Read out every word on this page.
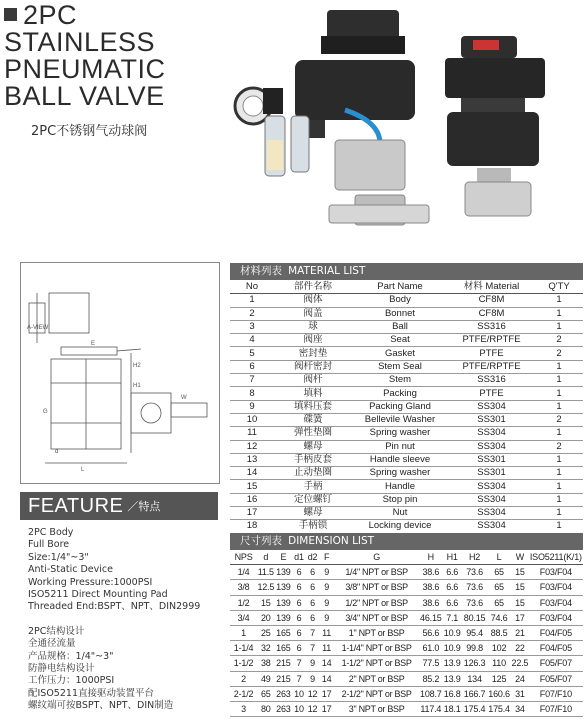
2PC
STAINLESS
PNEUMATIC
BALL VALVE
2PC不锈钢气动球阀
A-VIEW
H1
H2
L
d
G
E
W
FEATURE ／特点
2PC Body
Full Bore
Size:1/4"~3"
Anti-Static Device
Working Pressure:1000PSI
ISO5211 Direct Mounting Pad
Threaded End:BSPT、NPT、DIN2999
2PC结构设计
全通径流量
产品规格：1/4"~3"
防静电结构设计
工作压力：1000PSI
配ISO5211直接驱动装置平台
螺纹端可按BSPT、NPT、DIN制造
材料列表 MATERIAL LIST
No	部件名称	Part Name	材料 Material	Q'TY
1	阀体	Body	CF8M	1
2	阀盖	Bonnet	CF8M	1
3	球	Ball	SS316	1
4	阀座	Seat	PTFE/RPTFE	2
5	密封垫	Gasket	PTFE	2
6	阀杆密封	Stem Seal	PTFE/RPTFE	1
7	阀杆	Stem	SS316	1
8	填料	Packing	PTFE	1
9	填料压套	Packing Gland	SS304	1
10	碟簧	Bellevile Washer	SS301	2
11	弹性垫圈	Spring washer	SS304	1
12	螺母	Pin nut	SS304	2
13	手柄皮套	Handle sleeve	SS301	1
14	止动垫圈	Spring washer	SS301	1
15	手柄	Handle	SS304	1
16	定位螺钉	Stop pin	SS304	1
17	螺母	Nut	SS304	1
18	手柄锁	Locking device	SS304	1
尺寸列表 DIMENSION LIST
NPS	d	E	d1	d2	F	G	H	H1	H2	L	W	ISO5211(K/1)
1/4	11.5	139	6	6	9	1/4" NPT or BSP	38.6	6.6	73.6	65	15	F03/F04
3/8	12.5	139	6	6	9	3/8" NPT or BSP	38.6	6.6	73.6	65	15	F03/F04
1/2	15	139	6	6	9	1/2" NPT or BSP	38.6	6.6	73.6	65	15	F03/F04
3/4	20	139	6	6	9	3/4" NPT or BSP	46.15	7.1	80.15	74.6	17	F03/F04
1	25	165	6	7	11	1" NPT or BSP	56.6	10.9	95.4	88.5	21	F04/F05
1-1/4	32	165	6	7	11	1-1/4" NPT or BSP	61.0	10.9	99.8	102	22	F04/F05
1-1/2	38	215	7	9	14	1-1/2" NPT or BSP	77.5	13.9	126.3	110	22.5	F05/F07
2	49	215	7	9	14	2" NPT or BSP	85.2	13.9	134	125	24	F05/F07
2-1/2	65	263	10	12	17	2-1/2" NPT or BSP	108.7	16.8	166.7	160.6	31	F07/F10
3	80	263	10	12	17	3" NPT or BSP	117.4	18.1	175.4	175.4	34	F07/F10
